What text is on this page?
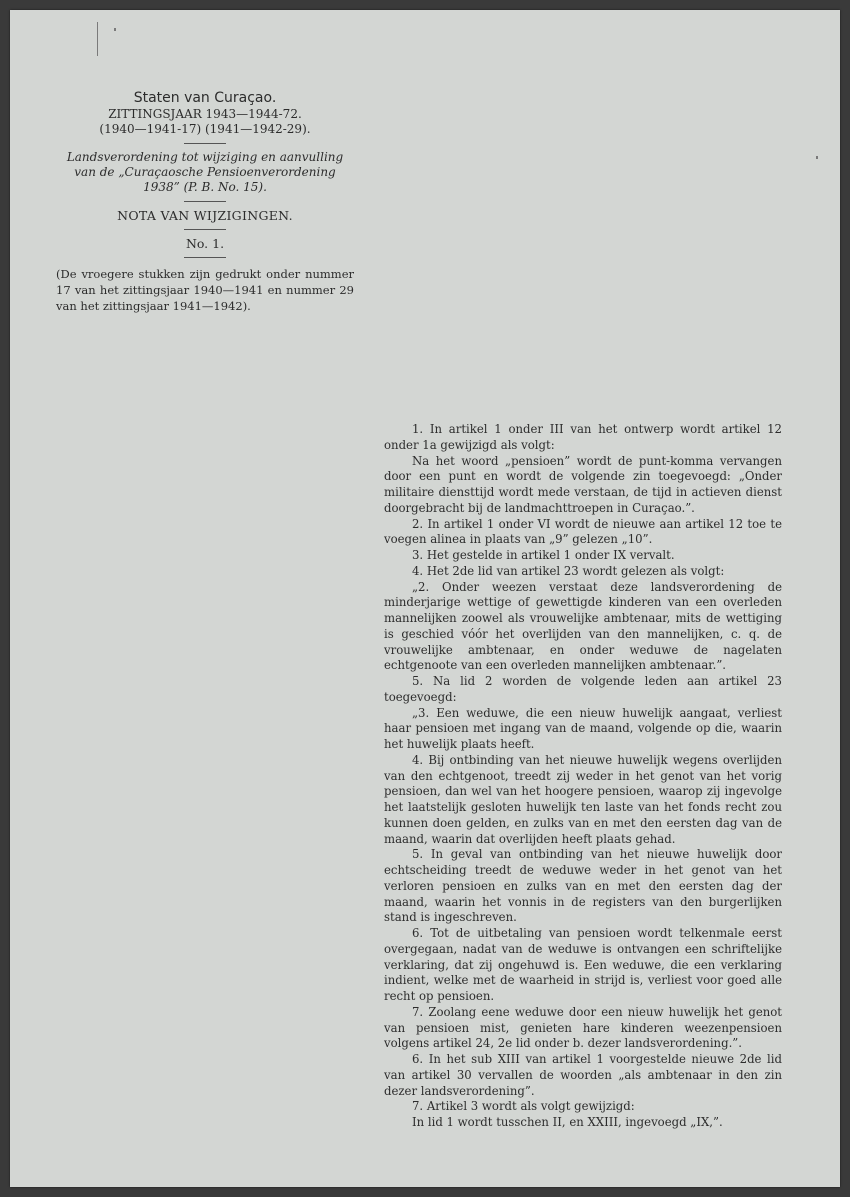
Staten van Curaçao.
ZITTINGSJAAR 1943—1944-72.
(1940—1941-17) (1941—1942-29).
Landsverordening tot wijziging en aanvulling van de „Curaçaosche Pensioenverordening 1938” (P. B. No. 15).
NOTA VAN WIJZIGINGEN.
No. 1.
(De vroegere stukken zijn gedrukt onder nummer 17 van het zittingsjaar 1940—1941 en nummer 29 van het zittingsjaar 1941—1942).

1. In artikel 1 onder III van het ontwerp wordt artikel 12 onder 1a gewijzigd als volgt:

Na het woord „pensioen” wordt de punt-komma vervangen door een punt en wordt de volgende zin toegevoegd: „Onder militaire diensttijd wordt mede verstaan, de tijd in actieven dienst doorgebracht bij de landmachttroepen in Curaçao.”.

2. In artikel 1 onder VI wordt de nieuwe aan artikel 12 toe te voegen alinea in plaats van „9” gelezen „10”.

3. Het gestelde in artikel 1 onder IX vervalt.

4. Het 2de lid van artikel 23 wordt gelezen als volgt:

„2. Onder weezen verstaat deze landsverordening de minderjarige wettige of gewettigde kinderen van een overleden mannelijken zoowel als vrouwelijke ambtenaar, mits de wettiging is geschied vóór het overlijden van den mannelijken, c. q. de vrouwelijke ambtenaar, en onder weduwe de nagelaten echtgenoote van een overleden mannelijken ambtenaar.”.

5. Na lid 2 worden de volgende leden aan artikel 23 toegevoegd:

„3. Een weduwe, die een nieuw huwelijk aangaat, verliest haar pensioen met ingang van de maand, volgende op die, waarin het huwelijk plaats heeft.

4. Bij ontbinding van het nieuwe huwelijk wegens overlijden van den echtgenoot, treedt zij weder in het genot van het vorig pensioen, dan wel van het hoogere pensioen, waarop zij ingevolge het laatstelijk gesloten huwelijk ten laste van het fonds recht zou kunnen doen gelden, en zulks van en met den eersten dag van de maand, waarin dat overlijden heeft plaats gehad.

5. In geval van ontbinding van het nieuwe huwelijk door echtscheiding treedt de weduwe weder in het genot van het verloren pensioen en zulks van en met den eersten dag der maand, waarin het vonnis in de registers van den burgerlijken stand is ingeschreven.

6. Tot de uitbetaling van pensioen wordt telkenmale eerst overgegaan, nadat van de weduwe is ontvangen een schriftelijke verklaring, dat zij ongehuwd is. Een weduwe, die een verklaring indient, welke met de waarheid in strijd is, verliest voor goed alle recht op pensioen.

7. Zoolang eene weduwe door een nieuw huwelijk het genot van pensioen mist, genieten hare kinderen weezenpensioen volgens artikel 24, 2e lid onder b. dezer landsverordening.”.

6. In het sub XIII van artikel 1 voorgestelde nieuwe 2de lid van artikel 30 vervallen de woorden „als ambtenaar in den zin dezer landsverordening”.

7. Artikel 3 wordt als volgt gewijzigd:

In lid 1 wordt tusschen II, en XXIII, ingevoegd „IX,”.
